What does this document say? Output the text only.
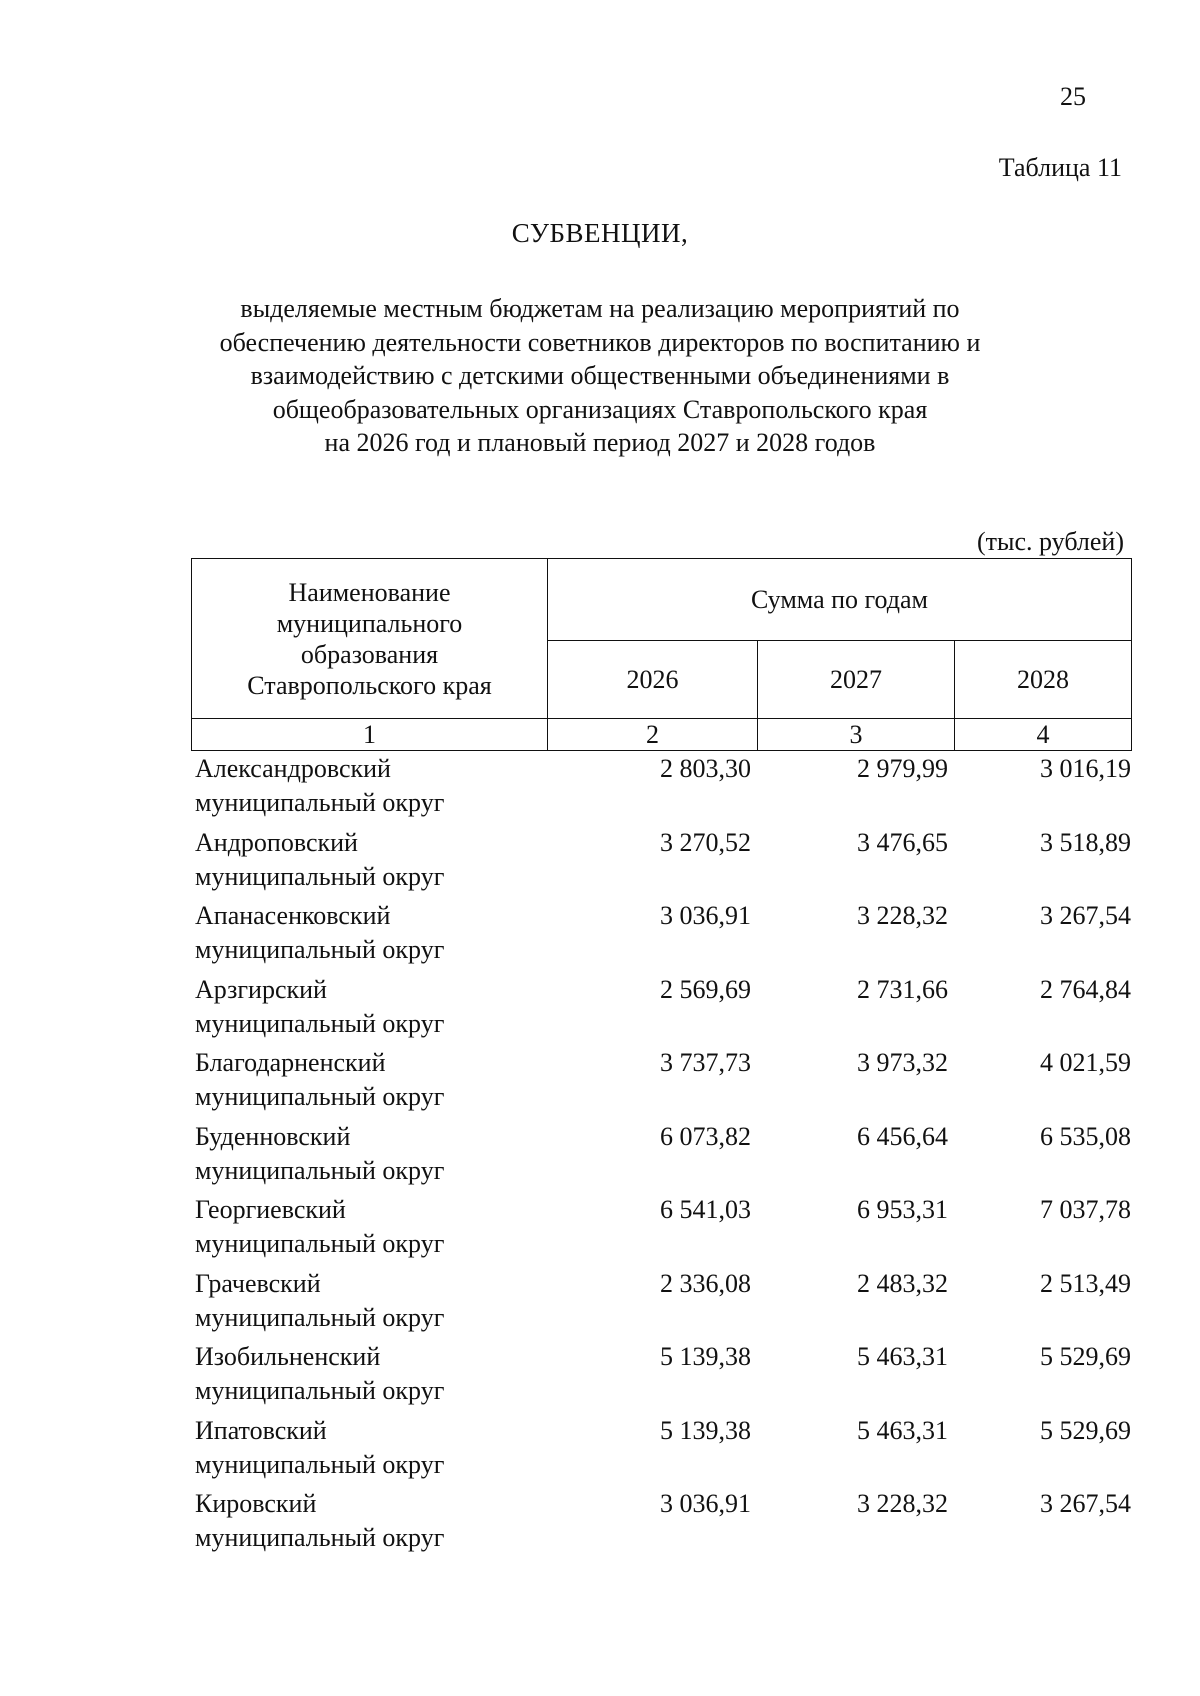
25
Таблица 11
СУБВЕНЦИИ,
выделяемые местным бюджетам на реализацию мероприятий по
обеспечению деятельности советников директоров по воспитанию и
взаимодействию с детскими общественными объединениями в
общеобразовательных организациях Ставропольского края
на 2026 год и плановый период 2027 и 2028 годов
(тыс. рублей)
Наименование
муниципального
образования
Ставропольского края	Сумма по годам		
	2026	2027	2028
1	2	3	4
Александровский
муниципальный округ
2 803,30	2 979,99	3 016,19
Андроповский
муниципальный округ
3 270,52	3 476,65	3 518,89
Апанасенковский
муниципальный округ
3 036,91	3 228,32	3 267,54
Арзгирский
муниципальный округ
2 569,69	2 731,66	2 764,84
Благодарненский
муниципальный округ
3 737,73	3 973,32	4 021,59
Буденновский
муниципальный округ
6 073,82	6 456,64	6 535,08
Георгиевский
муниципальный округ
6 541,03	6 953,31	7 037,78
Грачевский
муниципальный округ
2 336,08	2 483,32	2 513,49
Изобильненский
муниципальный округ
5 139,38	5 463,31	5 529,69
Ипатовский
муниципальный округ
5 139,38	5 463,31	5 529,69
Кировский
муниципальный округ
3 036,91	3 228,32	3 267,54
